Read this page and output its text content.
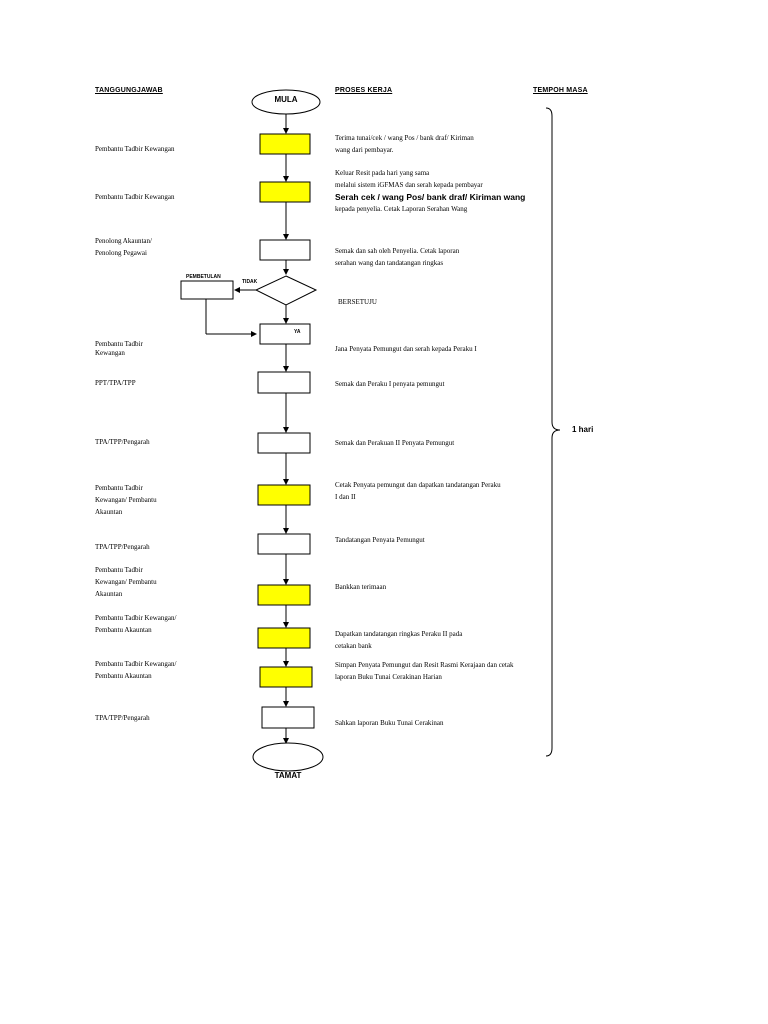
TANGGUNGJAWAB	PROSES KERJA	TEMPOH MASA
MULA
TAMAT
PEMBETULAN
TIDAK
YA
BERSETUJU
1 hari
Pembantu Tadbir Kewangan
Pembantu Tadbir Kewangan
Penolong Akauntan/
Penolong Pegawai
Pembantu Tadbir
Kewangan
PPT/TPA/TPP
TPA/TPP/Pengarah
Pembantu Tadbir
Kewangan/ Pembantu
Akauntan
TPA/TPP/Pengarah
Pembantu Tadbir
Kewangan/ Pembantu
Akauntan
Pembantu Tadbir Kewangan/
Pembantu Akauntan
Pembantu Tadbir Kewangan/
Pembantu Akauntan
TPA/TPP/Pengarah
Terima tunai/cek / wang Pos / bank draf/ Kiriman
wang dari pembayar.
Keluar Resit pada hari yang sama
melalui sistem iGFMAS dan serah kepada pembayar
Serah cek / wang Pos/ bank draf/ Kiriman wang
kepada penyelia. Cetak Laporan Serahan Wang
Semak dan sah oleh Penyelia. Cetak laporan
serahan wang dan tandatangan ringkas
Jana Penyata Pemungut dan serah kepada Peraku I
Semak dan Peraku I penyata pemungut
Semak dan Perakuan II Penyata Pemungut
Cetak Penyata pemungut dan dapatkan tandatangan Peraku
I dan II
Tandatangan Penyata Pemungut
Bankkan terimaan
Dapatkan tandatangan ringkas Peraku II pada
cetakan bank
Simpan Penyata Pemungut dan Resit Rasmi Kerajaan dan cetak
laporan Buku Tunai Cerakinan Harian
Sahkan laporan Buku Tunai Cerakinan
